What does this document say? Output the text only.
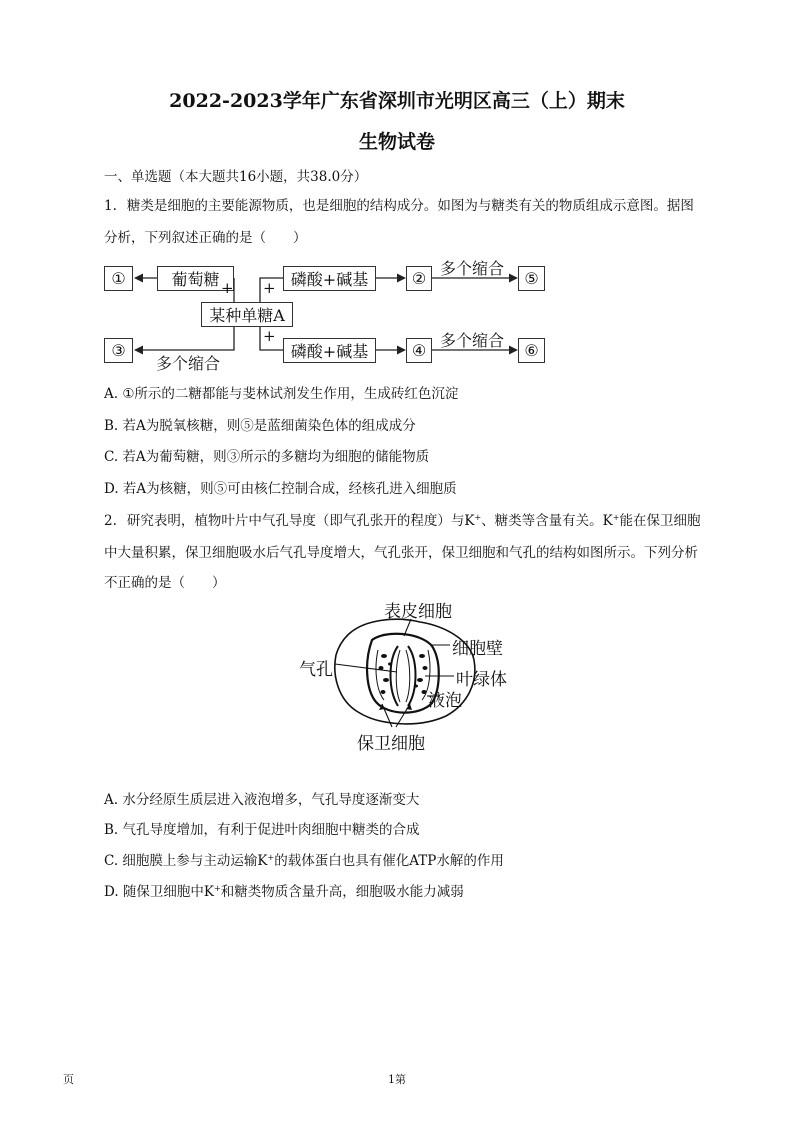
2022-2023学年广东省深圳市光明区高三（上）期末
生物试卷
一、单选题（本大题共16小题，共38.0分）
1. 糖类是细胞的主要能源物质，也是细胞的结构成分。如图为与糖类有关的物质组成示意图。据图
分析，下列叙述正确的是（　　）
①	葡萄糖	磷酸+碱基	②	⑤
某种单糖A
③	磷酸+碱基	④	⑥
+ +
+
多个缩合
多个缩合
多个缩合
A. ①所示的二糖都能与斐林试剂发生作用，生成砖红色沉淀
B. 若A为脱氧核糖，则⑤是蓝细菌染色体的组成成分
C. 若A为葡萄糖，则③所示的多糖均为细胞的储能物质
D. 若A为核糖，则⑤可由核仁控制合成，经核孔进入细胞质
2. 研究表明，植物叶片中气孔导度（即气孔张开的程度）与K+、糖类等含量有关。K+能在保卫细胞
中大量积累，保卫细胞吸水后气孔导度增大，气孔张开，保卫细胞和气孔的结构如图所示。下列分析
不正确的是（　　）
表皮细胞
细胞壁
气孔	叶绿体
液泡
保卫细胞
A. 水分经原生质层进入液泡增多，气孔导度逐渐变大
B. 气孔导度增加，有利于促进叶肉细胞中糖类的合成
C. 细胞膜上参与主动运输K+的载体蛋白也具有催化ATP水解的作用
D. 随保卫细胞中K+和糖类物质含量升高，细胞吸水能力减弱
页	1第
